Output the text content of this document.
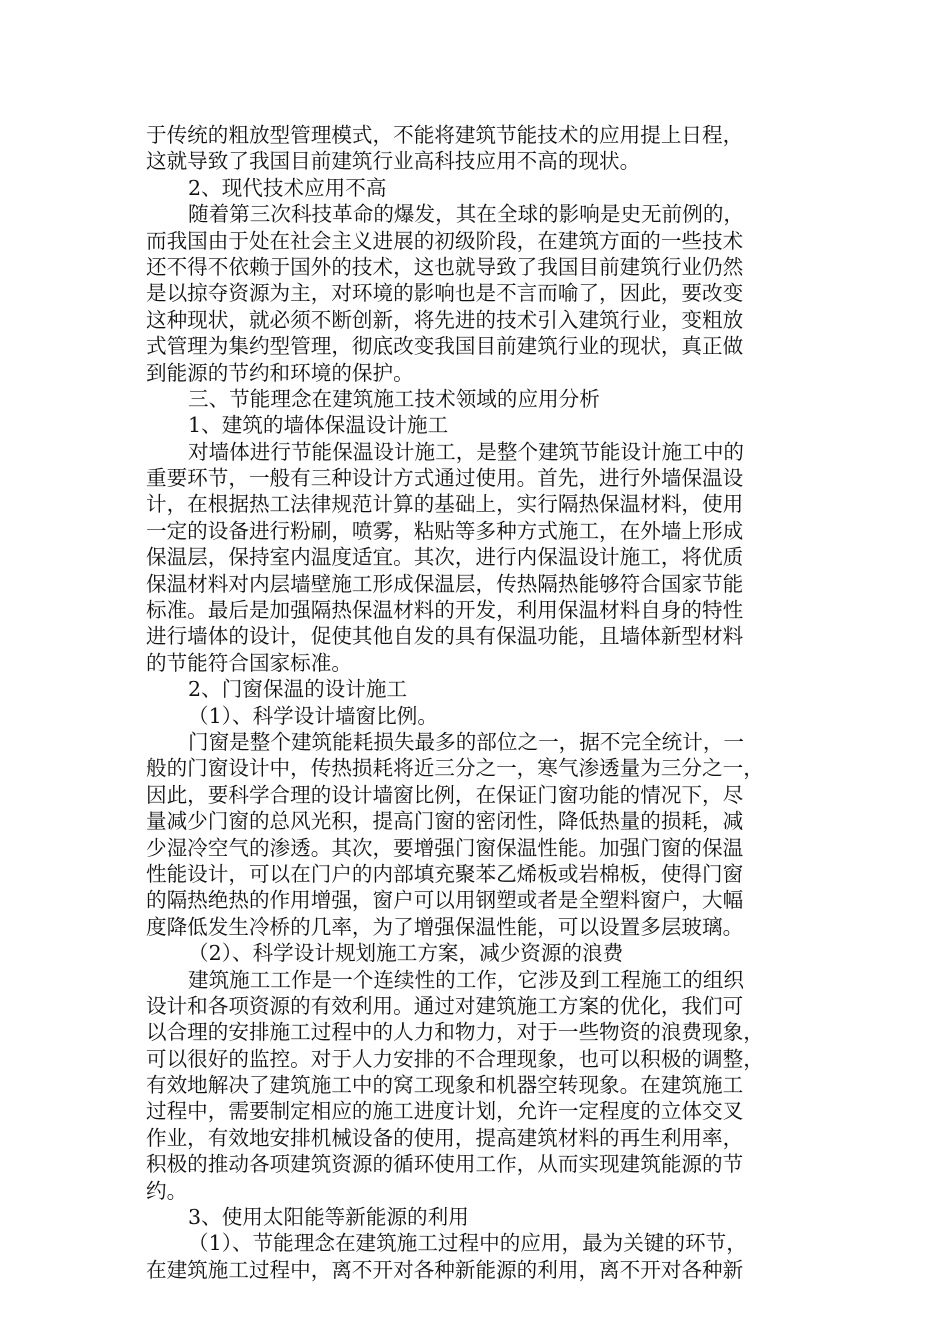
于传统的粗放型管理模式，不能将建筑节能技术的应用提上日程，
这就导致了我国目前建筑行业高科技应用不高的现状。
2、现代技术应用不高
随着第三次科技革命的爆发，其在全球的影响是史无前例的，
而我国由于处在社会主义进展的初级阶段，在建筑方面的一些技术
还不得不依赖于国外的技术，这也就导致了我国目前建筑行业仍然
是以掠夺资源为主，对环境的影响也是不言而喻了，因此，要改变
这种现状，就必须不断创新，将先进的技术引入建筑行业，变粗放
式管理为集约型管理，彻底改变我国目前建筑行业的现状，真正做
到能源的节约和环境的保护。
三、节能理念在建筑施工技术领域的应用分析
1、建筑的墙体保温设计施工
对墙体进行节能保温设计施工，是整个建筑节能设计施工中的
重要环节，一般有三种设计方式通过使用。首先，进行外墙保温设
计，在根据热工法律规范计算的基础上，实行隔热保温材料，使用
一定的设备进行粉刷，喷雾，粘贴等多种方式施工，在外墙上形成
保温层，保持室内温度适宜。其次，进行内保温设计施工，将优质
保温材料对内层墙壁施工形成保温层，传热隔热能够符合国家节能
标准。最后是加强隔热保温材料的开发，利用保温材料自身的特性
进行墙体的设计，促使其他自发的具有保温功能，且墙体新型材料
的节能符合国家标准。
2、门窗保温的设计施工
（1）、科学设计墙窗比例。
门窗是整个建筑能耗损失最多的部位之一，据不完全统计，一
般的门窗设计中，传热损耗将近三分之一，寒气渗透量为三分之一，
因此，要科学合理的设计墙窗比例，在保证门窗功能的情况下，尽
量减少门窗的总风光积，提高门窗的密闭性，降低热量的损耗，减
少湿冷空气的渗透。其次，要增强门窗保温性能。加强门窗的保温
性能设计，可以在门户的内部填充聚苯乙烯板或岩棉板，使得门窗
的隔热绝热的作用增强，窗户可以用钢塑或者是全塑料窗户，大幅
度降低发生冷桥的几率，为了增强保温性能，可以设置多层玻璃。
（2）、科学设计规划施工方案，减少资源的浪费
建筑施工工作是一个连续性的工作，它涉及到工程施工的组织
设计和各项资源的有效利用。通过对建筑施工方案的优化，我们可
以合理的安排施工过程中的人力和物力，对于一些物资的浪费现象，
可以很好的监控。对于人力安排的不合理现象，也可以积极的调整，
有效地解决了建筑施工中的窝工现象和机器空转现象。在建筑施工
过程中，需要制定相应的施工进度计划，允许一定程度的立体交叉
作业，有效地安排机械设备的使用，提高建筑材料的再生利用率，
积极的推动各项建筑资源的循环使用工作，从而实现建筑能源的节
约。
3、使用太阳能等新能源的利用
（1）、节能理念在建筑施工过程中的应用，最为关键的环节，
在建筑施工过程中，离不开对各种新能源的利用，离不开对各种新
